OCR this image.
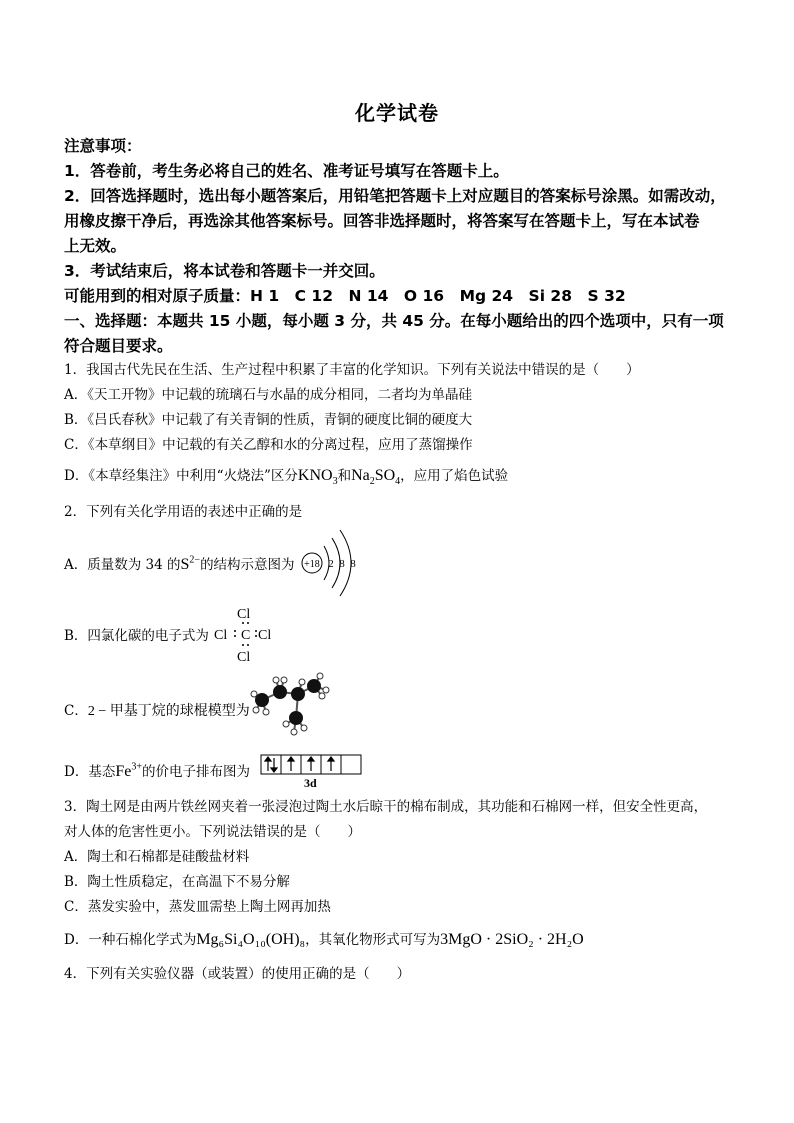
化学试卷
注意事项：
1．答卷前，考生务必将自己的姓名、准考证号填写在答题卡上。
2．回答选择题时，选出每小题答案后，用铅笔把答题卡上对应题目的答案标号涂黑。如需改动，
用橡皮擦干净后，再选涂其他答案标号。回答非选择题时，将答案写在答题卡上，写在本试卷
上无效。
3．考试结束后，将本试卷和答题卡一并交回。
可能用到的相对原子质量：H 1　C 12　N 14　O 16　Mg 24　Si 28　S 32
一、选择题：本题共 15 小题，每小题 3 分，共 45 分。在每小题给出的四个选项中，只有一项
符合题目要求。
1．我国古代先民在生活、生产过程中积累了丰富的化学知识。下列有关说法中错误的是（　　）
A．《天工开物》中记载的琉璃石与水晶的成分相同，二者均为单晶硅
B．《吕氏春秋》中记载了有关青铜的性质，青铜的硬度比铜的硬度大
C．《本草纲目》中记载的有关乙醇和水的分离过程，应用了蒸馏操作
D．《本草经集注》中利用“火烧法”区分$KNO_3$和$Na_2SO_4$，应用了焰色试验
2．下列有关化学用语的表述中正确的是
A．质量数为 34 的$S^{2-}$的结构示意图为 +18 2 8 8
B．四氯化碳的电子式为
Cl
Cl C Cl
Cl
C．2 − 甲基丁烷的球棍模型为
D．基态$Fe^{3+}$的价电子排布图为
3d
3．陶土网是由两片铁丝网夹着一张浸泡过陶土水后晾干的棉布制成，其功能和石棉网一样，但安全性更高，
对人体的危害性更小。下列说法错误的是（　　）
A．陶土和石棉都是硅酸盐材料
B．陶土性质稳定，在高温下不易分解
C．蒸发实验中，蒸发皿需垫上陶土网再加热
D．一种石棉化学式为Mg₆Si₄O₁₀(OH)₈，其氧化物形式可写为3MgO · 2SiO₂ · 2H₂O
4．下列有关实验仪器（或装置）的使用正确的是（　　）
